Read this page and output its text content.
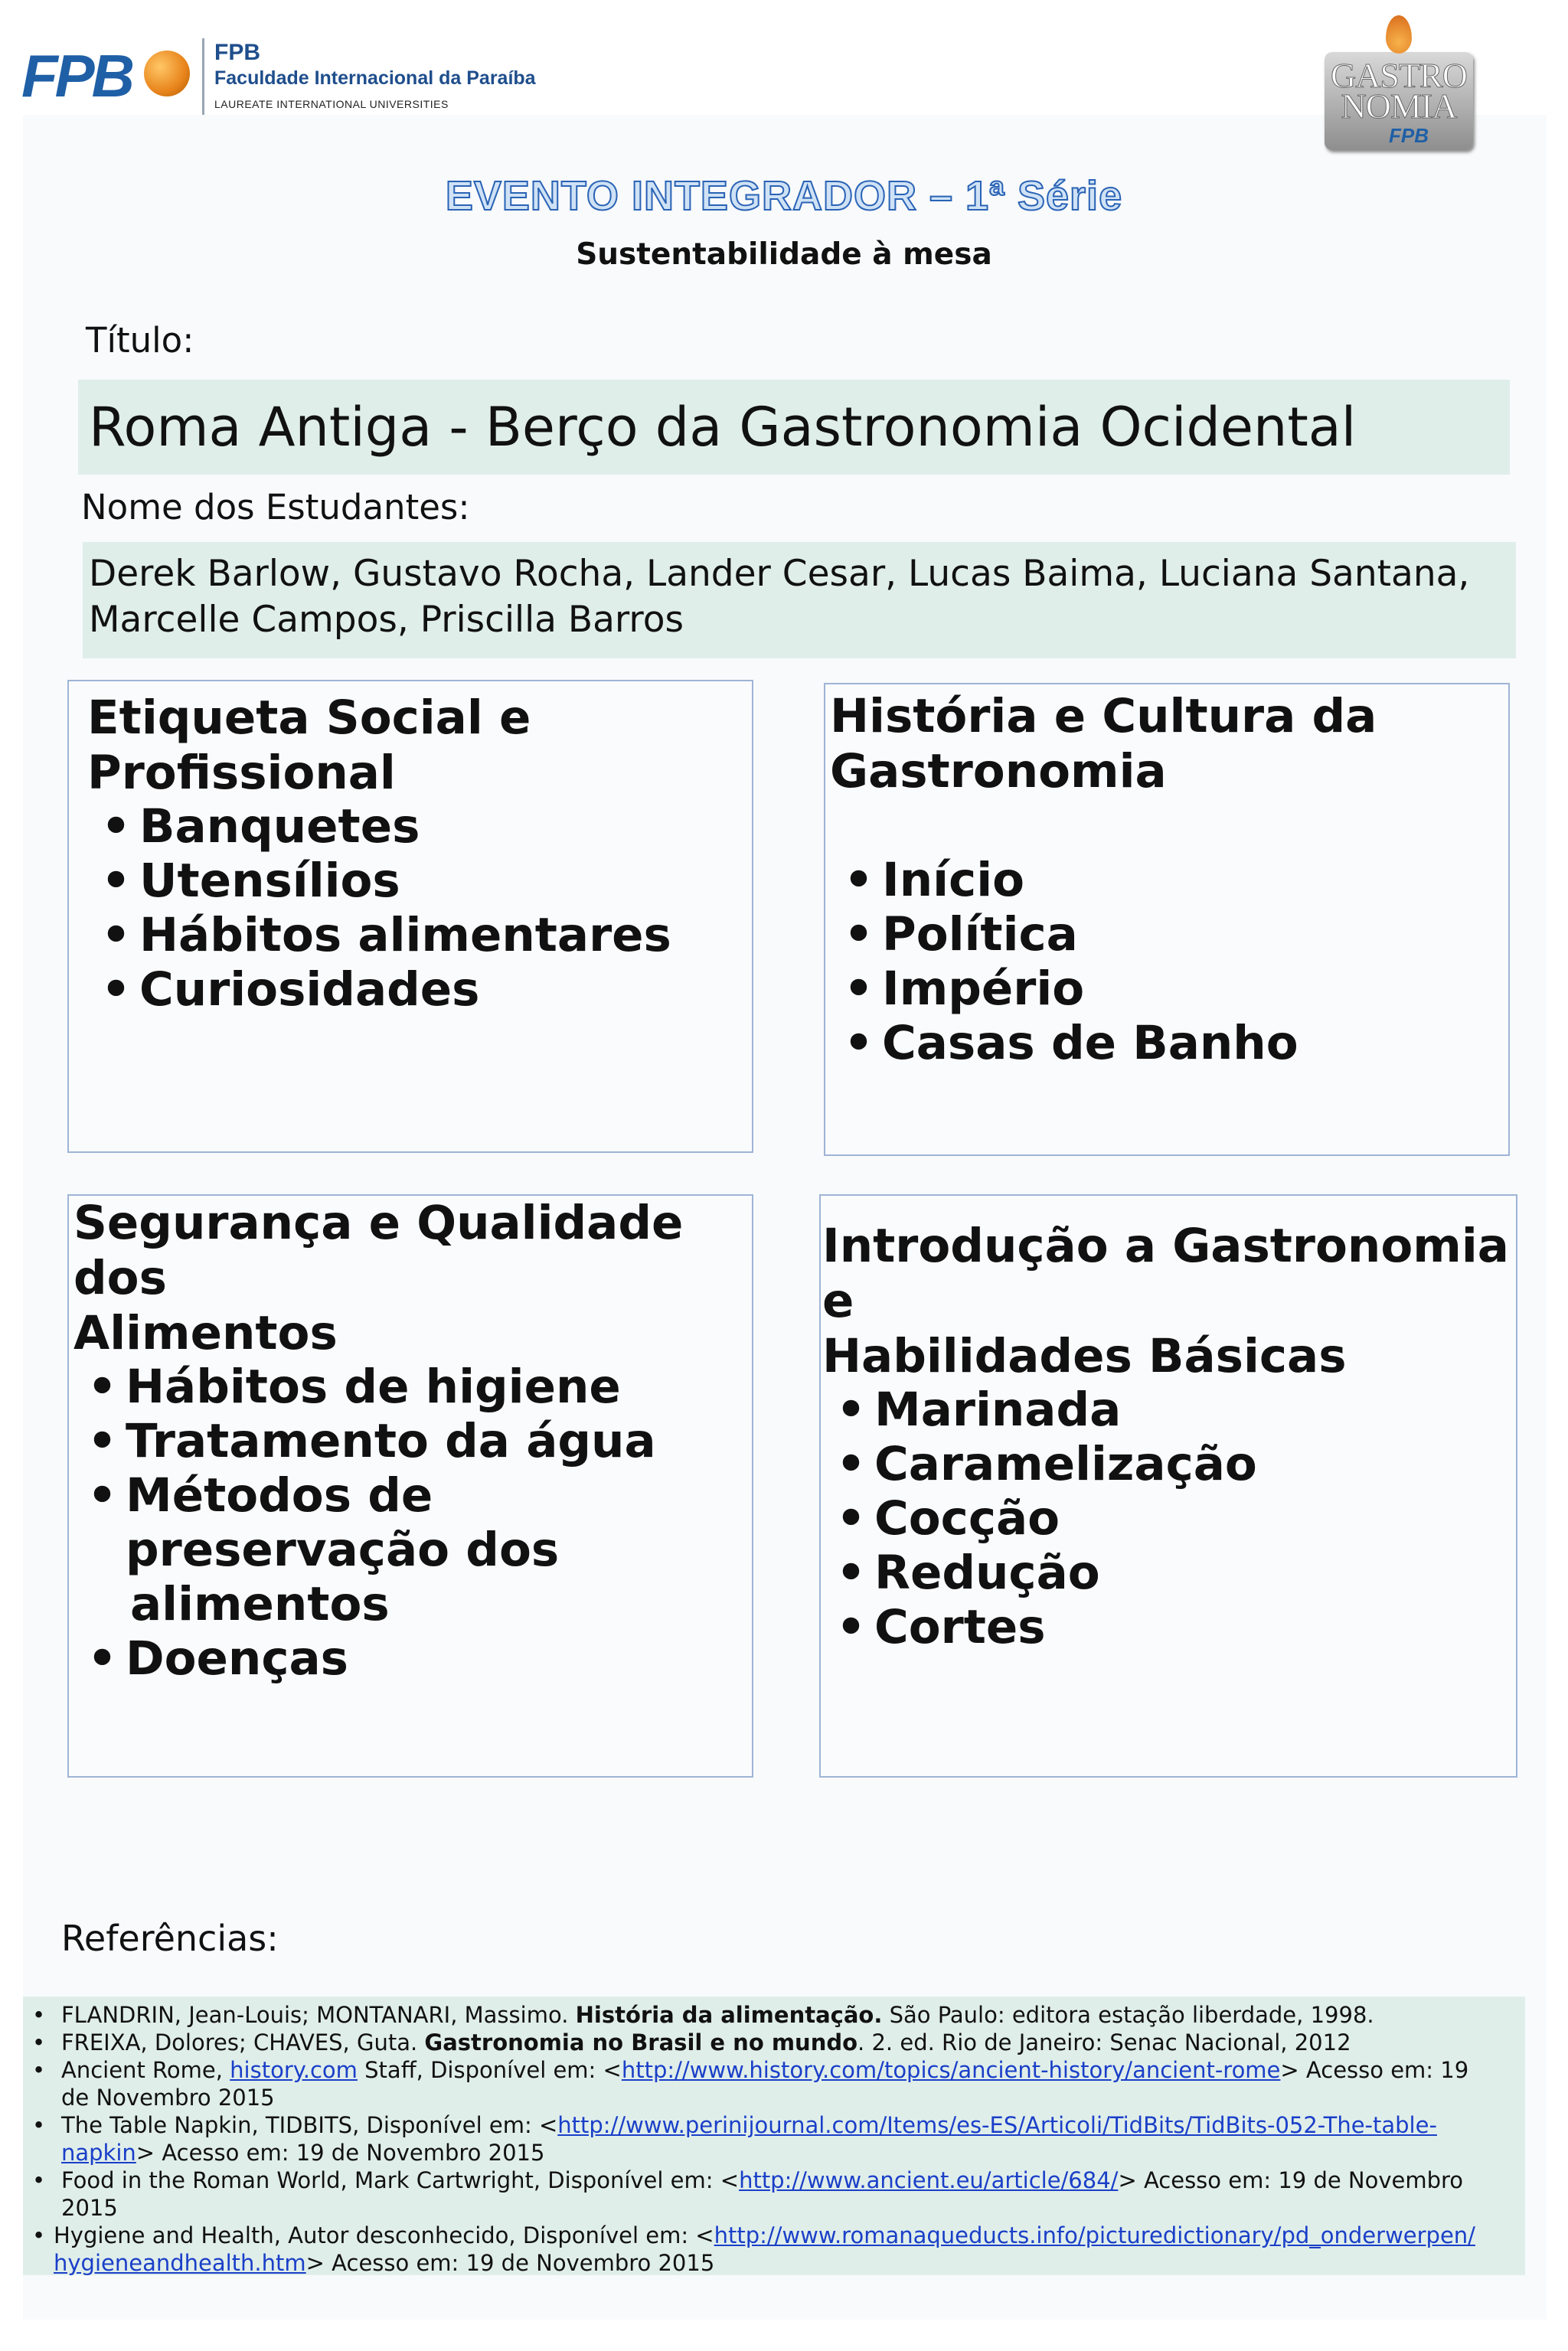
FPB	FPB
Faculdade Internacional da Paraíba
LAUREATE INTERNATIONAL UNIVERSITIES
GASTRO
NOMIA
FPB
EVENTO INTEGRADOR – 1ª Série
Sustentabilidade à mesa
Título:
Roma Antiga - Berço da Gastronomia Ocidental
Nome dos Estudantes:
Derek Barlow, Gustavo Rocha, Lander Cesar, Lucas Baima, Luciana Santana,
Marcelle Campos, Priscilla Barros
Etiqueta Social e Profissional
• Banquetes
• Utensílios
• Hábitos alimentares
• Curiosidades
História e Cultura da
Gastronomia
• Início
• Política
• Império
• Casas de Banho
Segurança e Qualidade dos
Alimentos
• Hábitos de higiene
• Tratamento da água
• Métodos de preservação dos
alimentos
• Doenças
Introdução a Gastronomia e
Habilidades Básicas
• Marinada
• Caramelização
• Cocção
• Redução
• Cortes
Referências:
• FLANDRIN, Jean-Louis; MONTANARI, Massimo. História da alimentação. São Paulo: editora estação liberdade, 1998.
• FREIXA, Dolores; CHAVES, Guta. Gastronomia no Brasil e no mundo. 2. ed. Rio de Janeiro: Senac Nacional, 2012
• Ancient Rome, history.com Staff, Disponível em: <http://www.history.com/topics/ancient-history/ancient-rome> Acesso em: 19
de Novembro 2015
• The Table Napkin, TIDBITS, Disponível em: <http://www.perinijournal.com/Items/es-ES/Articoli/TidBits/TidBits-052-The-table-
napkin> Acesso em: 19 de Novembro 2015
• Food in the Roman World, Mark Cartwright, Disponível em: <http://www.ancient.eu/article/684/> Acesso em: 19 de Novembro
2015
• Hygiene and Health, Autor desconhecido, Disponível em: <http://www.romanaqueducts.info/picturedictionary/pd_onderwerpen/
hygieneandhealth.htm> Acesso em: 19 de Novembro 2015
